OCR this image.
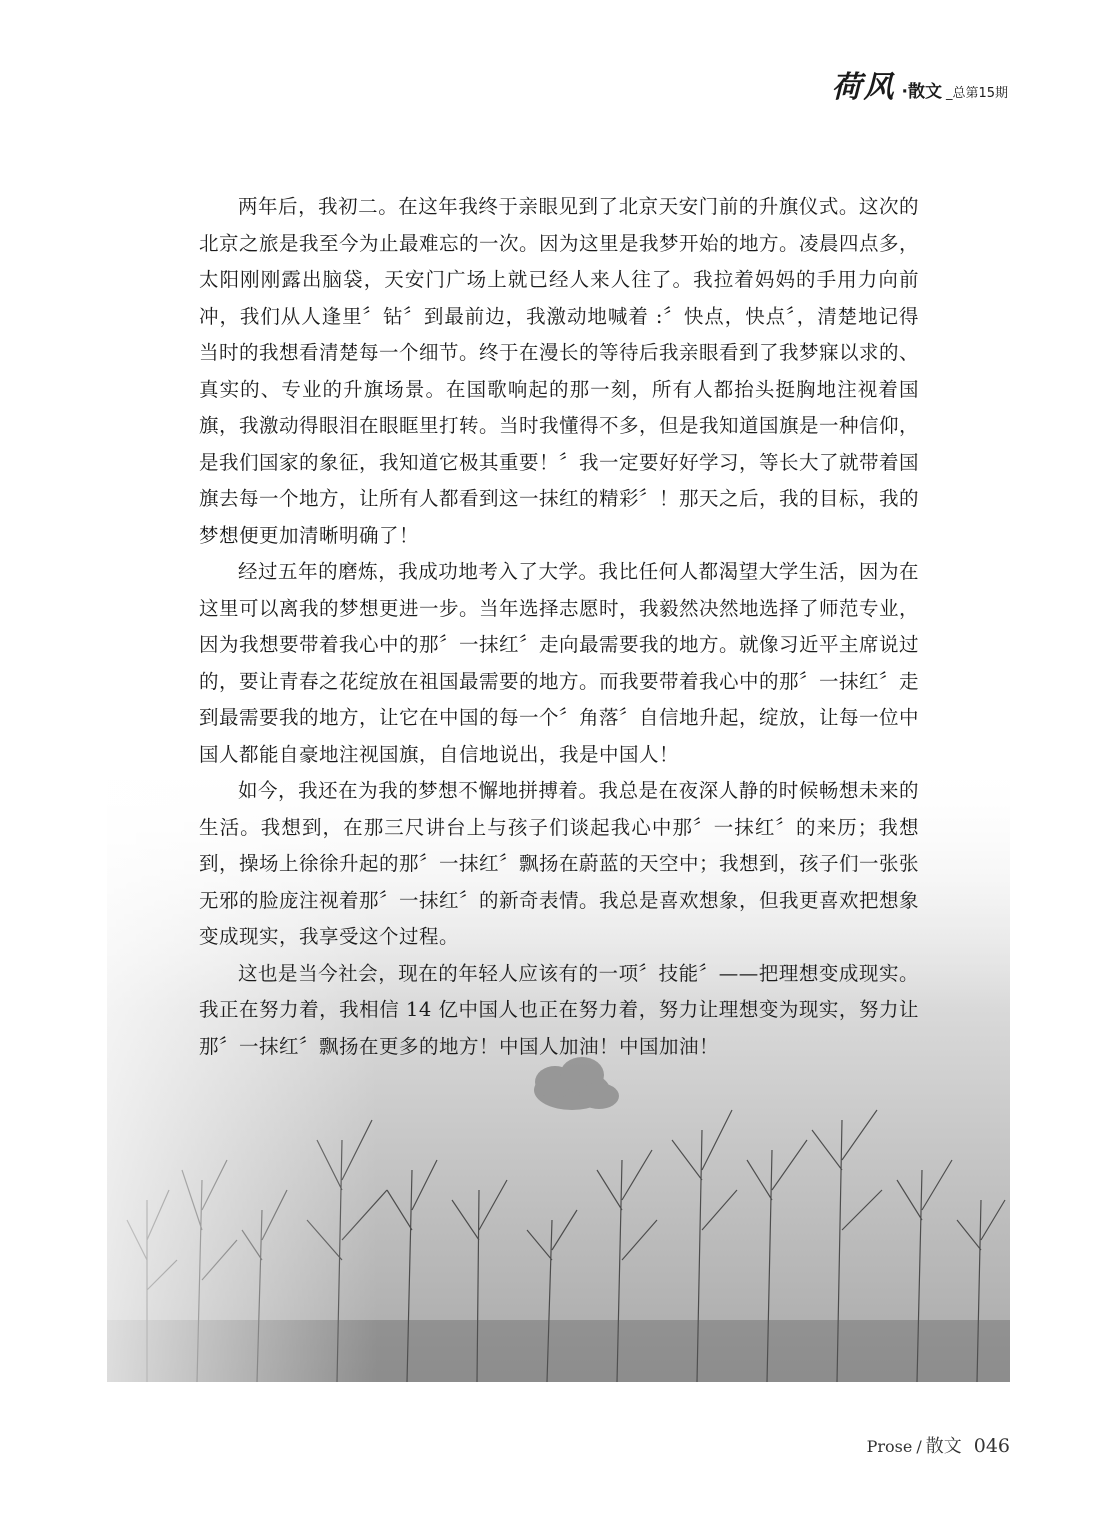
荷风 ·散文 _总第15期

两年后，我初二。在这年我终于亲眼见到了北京天安门前的升旗仪式。这次的北京之旅是我至今为止最难忘的一次。因为这里是我梦开始的地方。凌晨四点多，太阳刚刚露出脑袋，天安门广场上就已经人来人往了。我拉着妈妈的手用力向前冲，我们从人逢里〞钻〞到最前边，我激动地喊着 :〞快点，快点〞，清楚地记得当时的我想看清楚每一个细节。终于在漫长的等待后我亲眼看到了我梦寐以求的、真实的、专业的升旗场景。在国歌响起的那一刻，所有人都抬头挺胸地注视着国旗，我激动得眼泪在眼眶里打转。当时我懂得不多，但是我知道国旗是一种信仰，是我们国家的象征，我知道它极其重要！〞我一定要好好学习，等长大了就带着国旗去每一个地方，让所有人都看到这一抹红的精彩〞！那天之后，我的目标，我的梦想便更加清晰明确了！

经过五年的磨炼，我成功地考入了大学。我比任何人都渴望大学生活，因为在这里可以离我的梦想更进一步。当年选择志愿时，我毅然决然地选择了师范专业，因为我想要带着我心中的那〞一抹红〞走向最需要我的地方。就像习近平主席说过的，要让青春之花绽放在祖国最需要的地方。而我要带着我心中的那〞一抹红〞走到最需要我的地方，让它在中国的每一个〞角落〞自信地升起，绽放，让每一位中国人都能自豪地注视国旗，自信地说出，我是中国人！

如今，我还在为我的梦想不懈地拼搏着。我总是在夜深人静的时候畅想未来的生活。我想到，在那三尺讲台上与孩子们谈起我心中那〞一抹红〞的来历；我想到，操场上徐徐升起的那〞一抹红〞飘扬在蔚蓝的天空中；我想到，孩子们一张张无邪的脸庞注视着那〞一抹红〞的新奇表情。我总是喜欢想象，但我更喜欢把想象变成现实，我享受这个过程。

这也是当今社会，现在的年轻人应该有的一项〞技能〞——把理想变成现实。我正在努力着，我相信 14 亿中国人也正在努力着，努力让理想变为现实，努力让那〞一抹红〞飘扬在更多的地方！中国人加油！中国加油！

Prose / 散文 046
